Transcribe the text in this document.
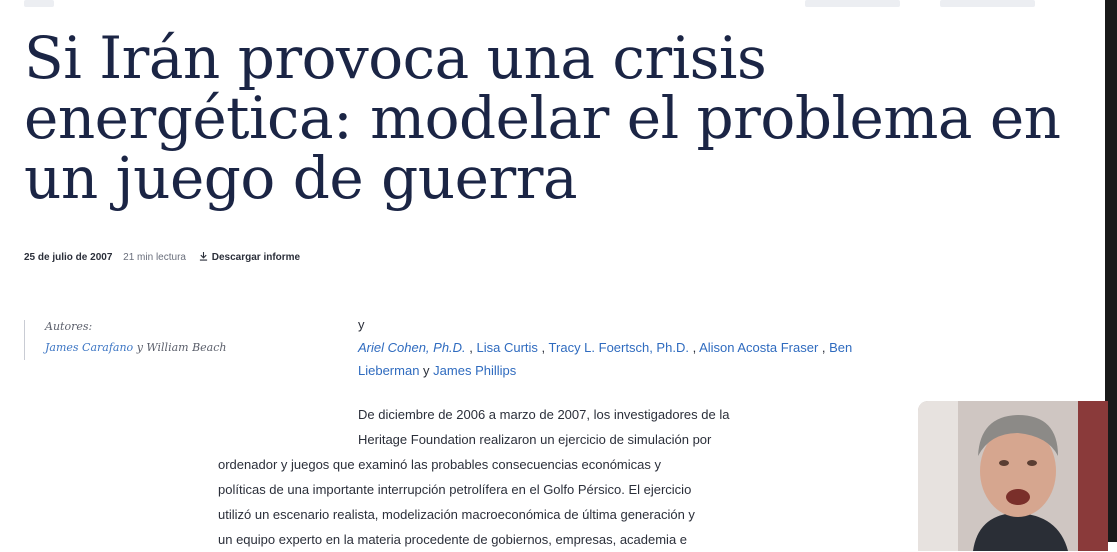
Si Irán provoca una crisis energética: modelar el problema en un juego de guerra
25 de julio de 2007 21 min lectura	Descargar informe
Autores:
James Carafano y William Beach
y
Ariel Cohen, Ph.D. , Lisa Curtis , Tracy L. Foertsch, Ph.D. , Alison Acosta Fraser , Ben Lieberman y James Phillips
De diciembre de 2006 a marzo de 2007, los investigadores de la
Heritage Foundation realizaron un ejercicio de simulación por
ordenador y juegos que examinó las probables consecuencias económicas y
políticas de una importante interrupción petrolífera en el Golfo Pérsico. El ejercicio
utilizó un escenario realista, modelización macroeconómica de última generación y
un equipo experto en la materia procedente de gobiernos, empresas, academia e
